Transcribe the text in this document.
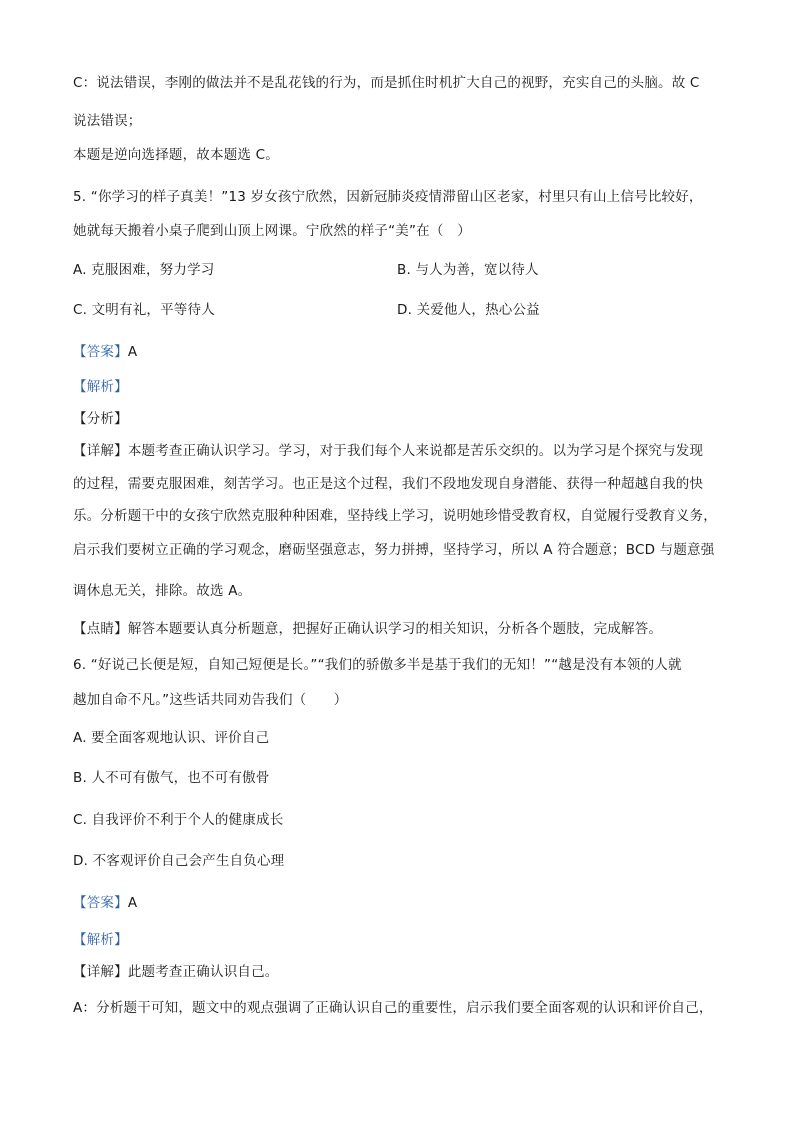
C：说法错误，李刚的做法并不是乱花钱的行为，而是抓住时机扩大自己的视野，充实自己的头脑。故 C
说法错误；
本题是逆向选择题，故本题选 C。
5. “你学习的样子真美！”13 岁女孩宁欣然，因新冠肺炎疫情滞留山区老家，村里只有山上信号比较好，
她就每天搬着小桌子爬到山顶上网课。宁欣然的样子“美”在（　）
A. 克服困难，努力学习	B. 与人为善，宽以待人
C. 文明有礼，平等待人	D. 关爱他人，热心公益
【答案】A
【解析】
【分析】
【详解】本题考查正确认识学习。学习，对于我们每个人来说都是苦乐交织的。以为学习是个探究与发现
的过程，需要克服困难，刻苦学习。也正是这个过程，我们不段地发现自身潜能、获得一种超越自我的快
乐。分析题干中的女孩宁欣然克服种种困难，坚持线上学习，说明她珍惜受教育权，自觉履行受教育义务，
启示我们要树立正确的学习观念，磨砺坚强意志，努力拼搏，坚持学习，所以 A 符合题意；BCD 与题意强
调休息无关，排除。故选 A。
【点睛】解答本题要认真分析题意，把握好正确认识学习的相关知识，分析各个题肢，完成解答。
6. “好说己长便是短，自知己短便是长。”“我们的骄傲多半是基于我们的无知！”“越是没有本领的人就
越加自命不凡。”这些话共同劝告我们（　　）
A. 要全面客观地认识、评价自己
B. 人不可有傲气，也不可有傲骨
C. 自我评价不利于个人的健康成长
D. 不客观评价自己会产生自负心理
【答案】A
【解析】
【详解】此题考查正确认识自己。
A：分析题干可知，题文中的观点强调了正确认识自己的重要性，启示我们要全面客观的认识和评价自己，
